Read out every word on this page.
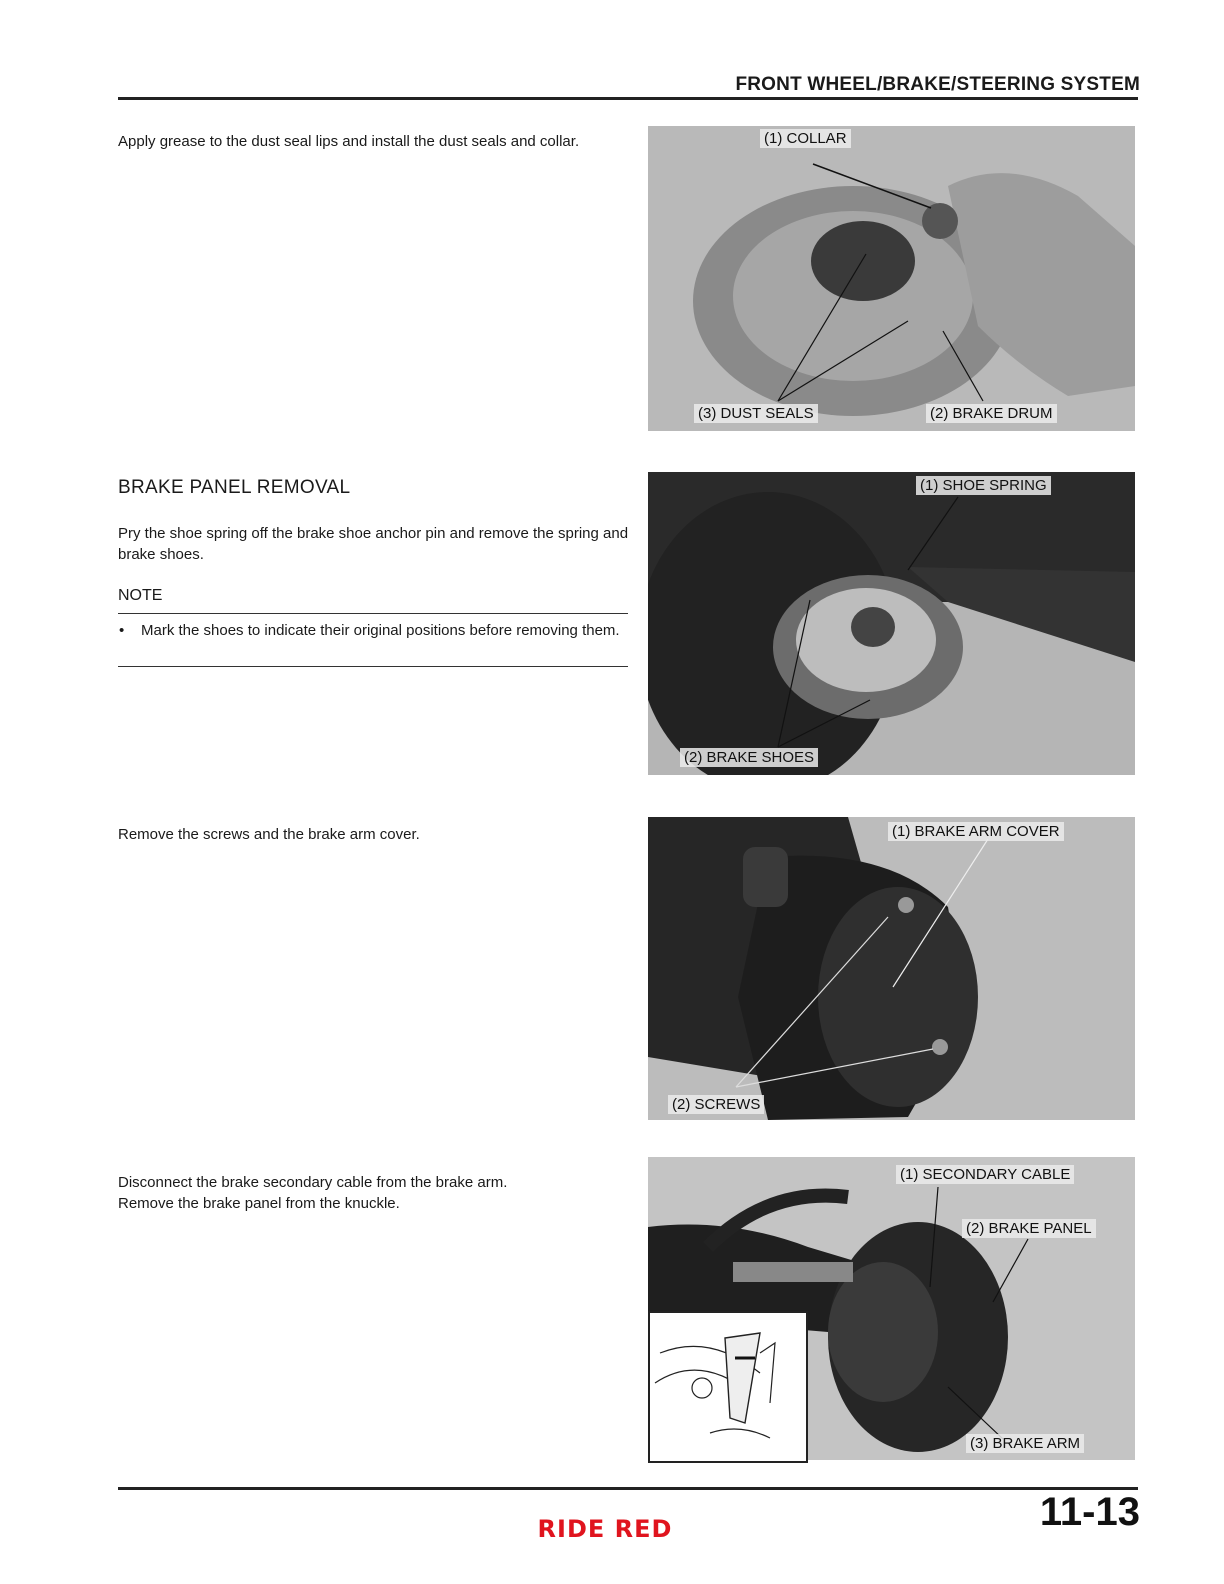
FRONT WHEEL/BRAKE/STEERING SYSTEM
Apply grease to the dust seal lips and install the dust seals and collar.	(1) COLLAR
(3) DUST SEALS	(2) BRAKE DRUM
BRAKE PANEL REMOVAL
Pry the shoe spring off the brake shoe anchor pin and remove the spring and brake shoes.
NOTE
• Mark the shoes to indicate their original positions before removing them.
(1) SHOE SPRING
(2) BRAKE SHOES
Remove the screws and the brake arm cover.	(1) BRAKE ARM COVER
(2) SCREWS
Disconnect the brake secondary cable from the brake arm.
Remove the brake panel from the knuckle.
(1) SECONDARY CABLE
(2) BRAKE PANEL
(3) BRAKE ARM
RIDE RED	11-13
